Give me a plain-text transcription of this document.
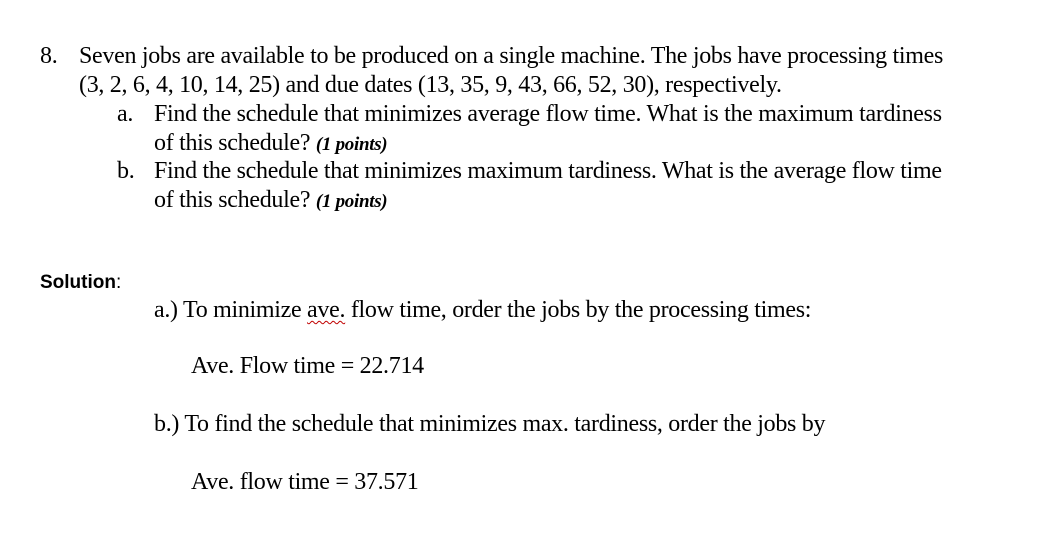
8. Seven jobs are available to be produced on a single machine. The jobs have processing times
(3, 2, 6, 4, 10, 14, 25) and due dates (13, 35, 9, 43, 66, 52, 30), respectively.
a. Find the schedule that minimizes average flow time. What is the maximum tardiness
of this schedule? (1 points)
b. Find the schedule that minimizes maximum tardiness. What is the average flow time
of this schedule? (1 points)
Solution:
a.) To minimize ave. flow time, order the jobs by the processing times:
Ave. Flow time = 22.714
b.) To find the schedule that minimizes max. tardiness, order the jobs by
Ave. flow time = 37.571
